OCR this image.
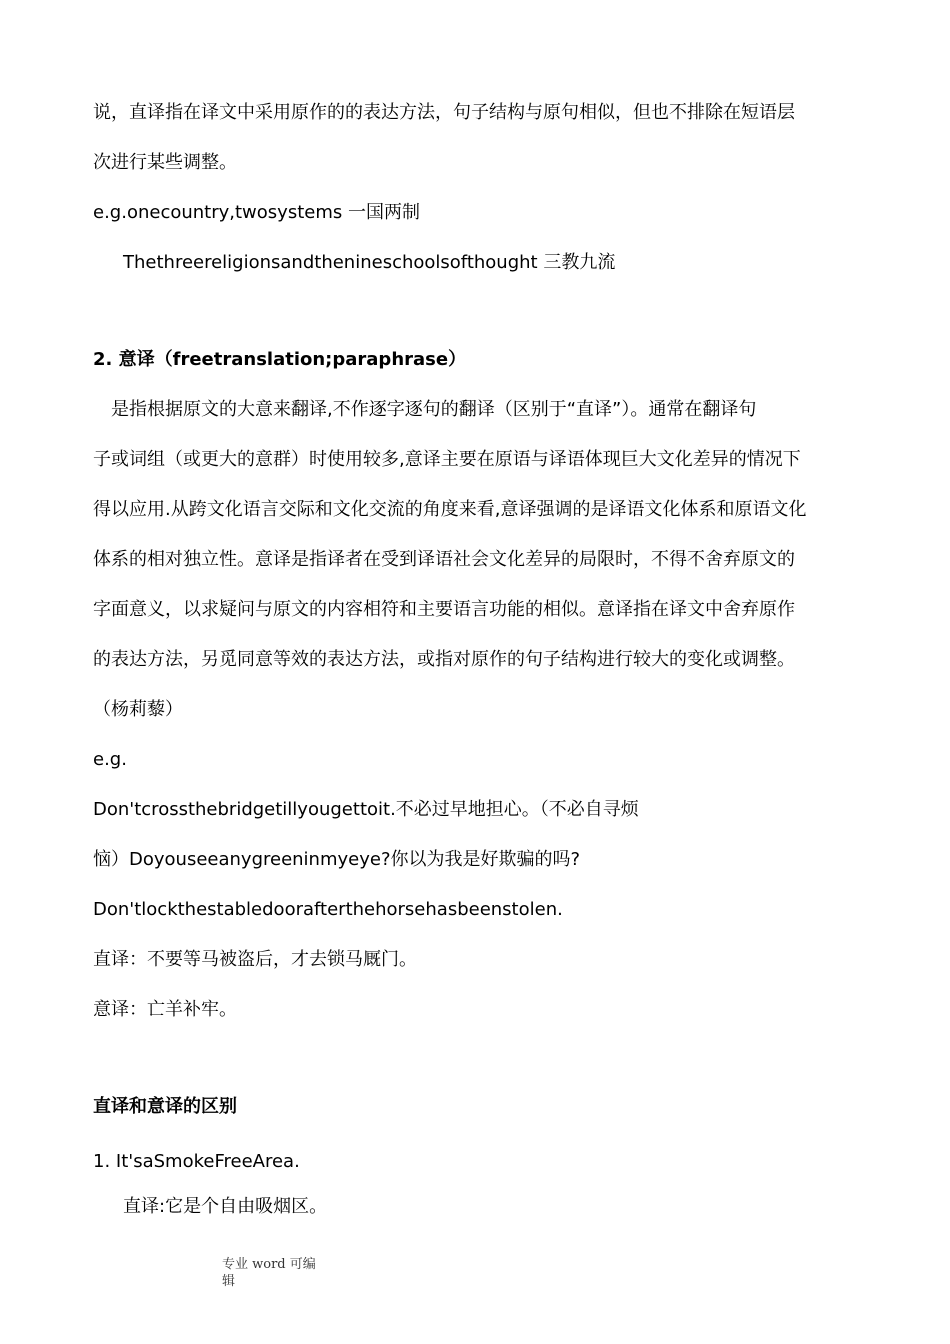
说，直译指在译文中采用原作的的表达方法，句子结构与原句相似，但也不排除在短语层
次进行某些调整。
e.g.onecountry,twosystems 一国两制
Thethreereligionsandthenineschoolsofthought 三教九流
2. 意译（freetranslation;paraphrase）
　是指根据原文的大意来翻译,不作逐字逐句的翻译（区别于“直译”）。通常在翻译句
子或词组（或更大的意群）时使用较多,意译主要在原语与译语体现巨大文化差异的情况下
得以应用.从跨文化语言交际和文化交流的角度来看,意译强调的是译语文化体系和原语文化
体系的相对独立性。意译是指译者在受到译语社会文化差异的局限时，不得不舍弃原文的
字面意义，以求疑问与原文的内容相符和主要语言功能的相似。意译指在译文中舍弃原作
的表达方法，另觅同意等效的表达方法，或指对原作的句子结构进行较大的变化或调整。
（杨莉藜）
e.g.
Don'tcrossthebridgetillyougettoit.不必过早地担心。（不必自寻烦
恼）Doyouseeanygreeninmyeye?你以为我是好欺骗的吗?
Don'tlockthestabledoorafterthehorsehasbeenstolen.
直译：不要等马被盗后，才去锁马厩门。
意译：亡羊补牢。
直译和意译的区别
1. It'saSmokeFreeArea.
直译:它是个自由吸烟区。
专业 word 可编辑
